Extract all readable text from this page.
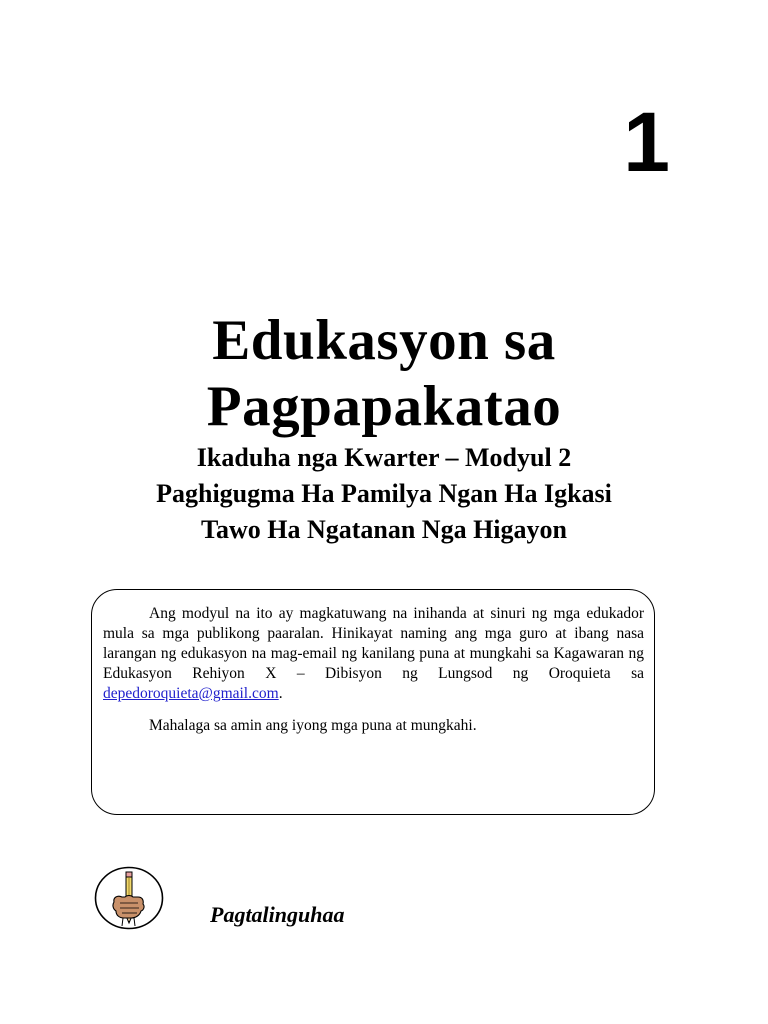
1
Edukasyon sa
Pagpapakatao
Ikaduha nga Kwarter – Modyul 2
Paghigugma Ha Pamilya Ngan Ha Igkasi
Tawo Ha Ngatanan Nga Higayon

Ang modyul na ito ay magkatuwang na inihanda at sinuri ng mga edukador mula sa mga publikong paaralan. Hinikayat naming ang mga guro at ibang nasa larangan ng edukasyon na mag-email ng kanilang puna at mungkahi sa Kagawaran ng Edukasyon Rehiyon X – Dibisyon ng Lungsod ng Oroquieta sa depedoroquieta@gmail.com.

Mahalaga sa amin ang iyong mga puna at mungkahi.

Pagtalinguhaa
